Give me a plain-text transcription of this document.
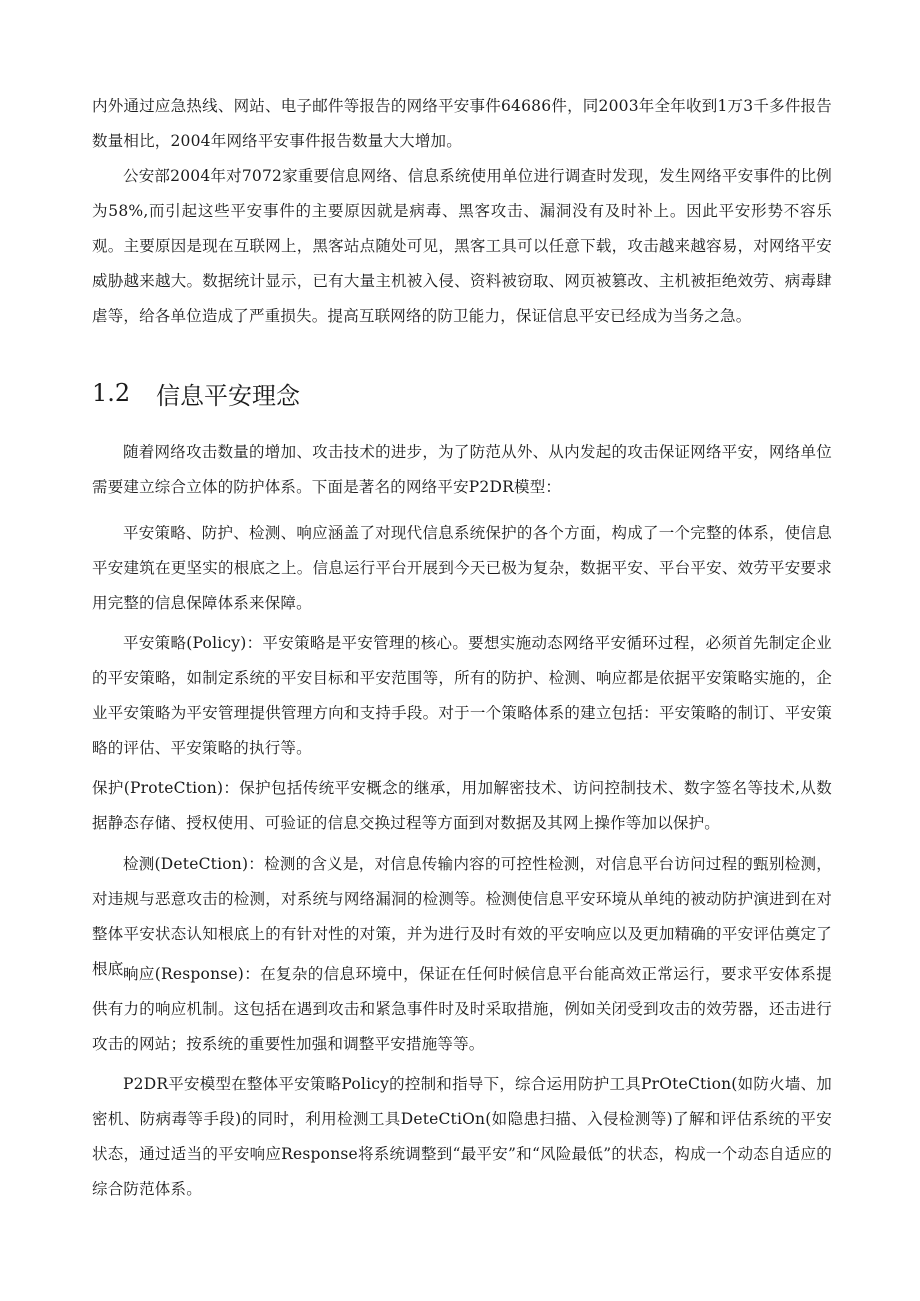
内外通过应急热线、网站、电子邮件等报告的网络平安事件64686件，同2003年全年收到1万3千多件报告数量相比，2004年网络平安事件报告数量大大增加。

公安部2004年对7072家重要信息网络、信息系统使用单位进行调查时发现，发生网络平安事件的比例为58%,而引起这些平安事件的主要原因就是病毒、黑客攻击、漏洞没有及时补上。因此平安形势不容乐观。主要原因是现在互联网上，黑客站点随处可见，黑客工具可以任意下载，攻击越来越容易，对网络平安威胁越来越大。数据统计显示，已有大量主机被入侵、资料被窃取、网页被篡改、主机被拒绝效劳、病毒肆虐等，给各单位造成了严重损失。提高互联网络的防卫能力，保证信息平安已经成为当务之急。

1.2	信息平安理念

随着网络攻击数量的增加、攻击技术的进步，为了防范从外、从内发起的攻击保证网络平安，网络单位需要建立综合立体的防护体系。下面是著名的网络平安P2DR模型：

平安策略、防护、检测、响应涵盖了对现代信息系统保护的各个方面，构成了一个完整的体系，使信息平安建筑在更坚实的根底之上。信息运行平台开展到今天已极为复杂，数据平安、平台平安、效劳平安要求用完整的信息保障体系来保障。

平安策略(Policy)：平安策略是平安管理的核心。要想实施动态网络平安循环过程，必须首先制定企业的平安策略，如制定系统的平安目标和平安范围等，所有的防护、检测、响应都是依据平安策略实施的，企业平安策略为平安管理提供管理方向和支持手段。对于一个策略体系的建立包括：平安策略的制订、平安策略的评估、平安策略的执行等。

保护(ProteCtion)：保护包括传统平安概念的继承，用加解密技术、访问控制技术、数字签名等技术,从数据静态存储、授权使用、可验证的信息交换过程等方面到对数据及其网上操作等加以保护。

检测(DeteCtion)：检测的含义是，对信息传输内容的可控性检测，对信息平台访问过程的甄别检测，对违规与恶意攻击的检测，对系统与网络漏洞的检测等。检测使信息平安环境从单纯的被动防护演进到在对整体平安状态认知根底上的有针对性的对策，并为进行及时有效的平安响应以及更加精确的平安评估奠定了根底。

响应(Response)：在复杂的信息环境中，保证在任何时候信息平台能高效正常运行，要求平安体系提供有力的响应机制。这包括在遇到攻击和紧急事件时及时采取措施，例如关闭受到攻击的效劳器，还击进行攻击的网站；按系统的重要性加强和调整平安措施等等。

P2DR平安模型在整体平安策略Policy的控制和指导下，综合运用防护工具PrOteCtion(如防火墙、加密机、防病毒等手段)的同时，利用检测工具DeteCtiOn(如隐患扫描、入侵检测等)了解和评估系统的平安状态，通过适当的平安响应Response将系统调整到“最平安”和“风险最低”的状态，构成一个动态自适应的综合防范体系。
